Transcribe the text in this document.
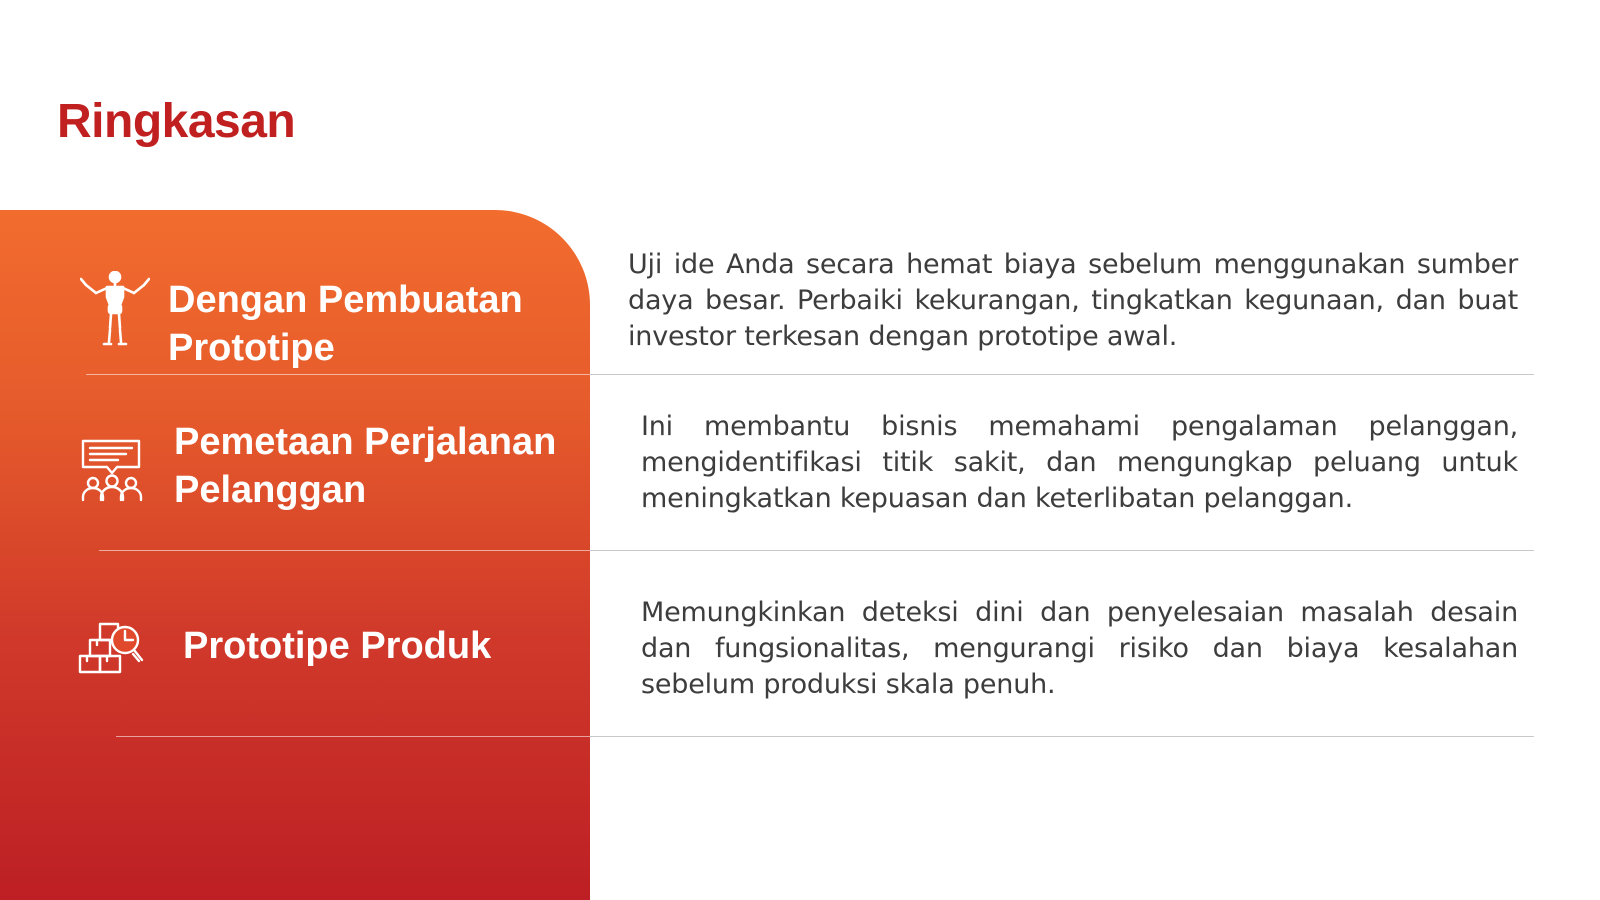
Ringkasan

Dengan Pembuatan
Prototipe

Uji ide Anda secara hemat biaya sebelum menggunakan sumber daya besar. Perbaiki kekurangan, tingkatkan kegunaan, dan buat investor terkesan dengan prototipe awal.

Pemetaan Perjalanan
Pelanggan

Ini membantu bisnis memahami pengalaman pelanggan, mengidentifikasi titik sakit, dan mengungkap peluang untuk meningkatkan kepuasan dan keterlibatan pelanggan.

Prototipe Produk

Memungkinkan deteksi dini dan penyelesaian masalah desain dan fungsionalitas, mengurangi risiko dan biaya kesalahan sebelum produksi skala penuh.
